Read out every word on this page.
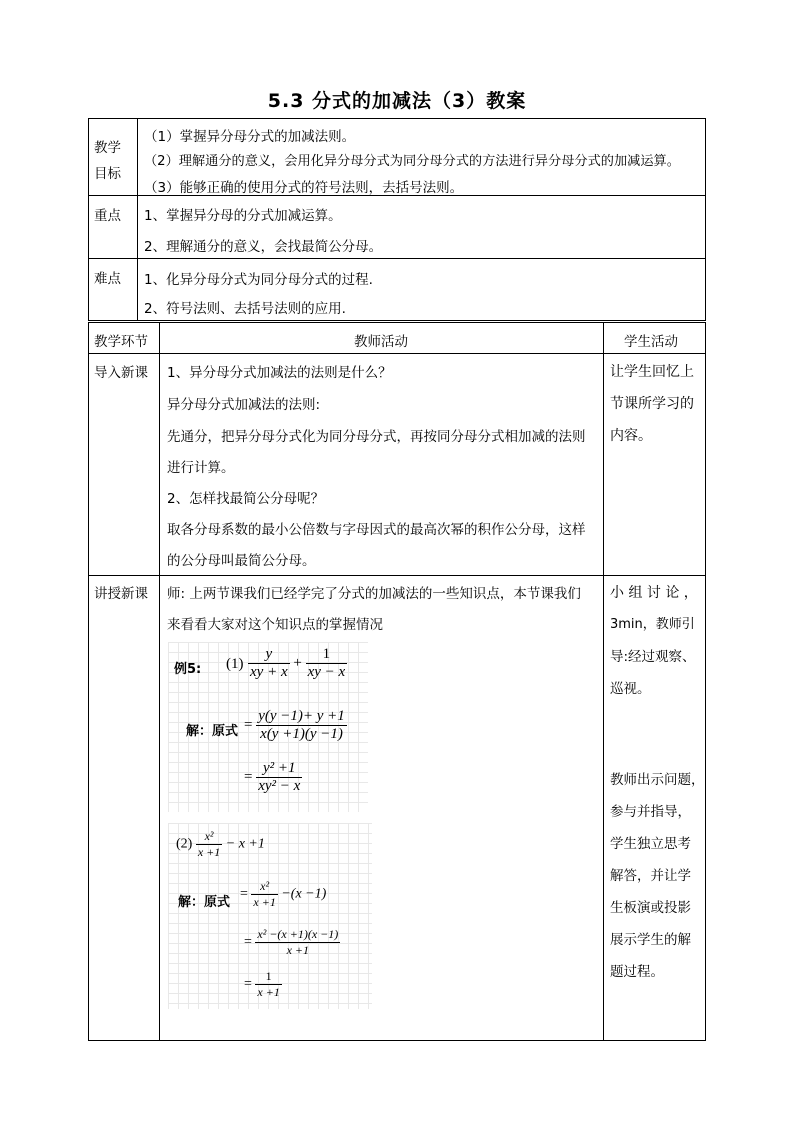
5.3 分式的加减法（3）教案
教学
目标
（1）掌握异分母分式的加减法则。
（2）理解通分的意义，会用化异分母分式为同分母分式的方法进行异分母分式的加减运算。
（3）能够正确的使用分式的符号法则，去括号法则。
重点 1、掌握异分母的分式加减运算。
2、理解通分的意义，会找最简公分母。
难点 1、化异分母分式为同分母分式的过程.
2、符号法则、去括号法则的应用.
教学环节	教师活动	学生活动
导入新课 1、异分母分式加减法的法则是什么？
异分母分式加减法的法则:
先通分，把异分母分式化为同分母分式，再按同分母分式相加减的法则
进行计算。
2、怎样找最简公分母呢？
取各分母系数的最小公倍数与字母因式的最高次幂的积作公分母，这样
的公分母叫最简公分母。
让学生回忆上
节课所学习的
内容。
讲授新课 师: 上两节课我们已经学完了分式的加减法的一些知识点，本节课我们
来看看大家对这个知识点的掌握情况
小 组 讨 论 ，
3min，教师引
导:经过观察、
巡视。
教师出示问题，
参与并指导，
学生独立思考
解答，并让学
生板演或投影
展示学生的解
题过程。
例5: $(1) \frac{y}{xy + x} + \frac{1}{xy - x}$
解：原式 = $\frac{y(y -1)+ y +1}{x(y +1)(y -1)}$
= $\frac{\text{y² +1}}{\text{xy² − x}}$
$(2) \frac{\text{x²}}{x +1} - x +1$
解：原式
= $\frac{\text{x²}}{x +1} -(x -1)$
= $\frac{\text{x² −(x +1)(x −1)}}{x +1}$
= $\frac{1}{x +1}$
